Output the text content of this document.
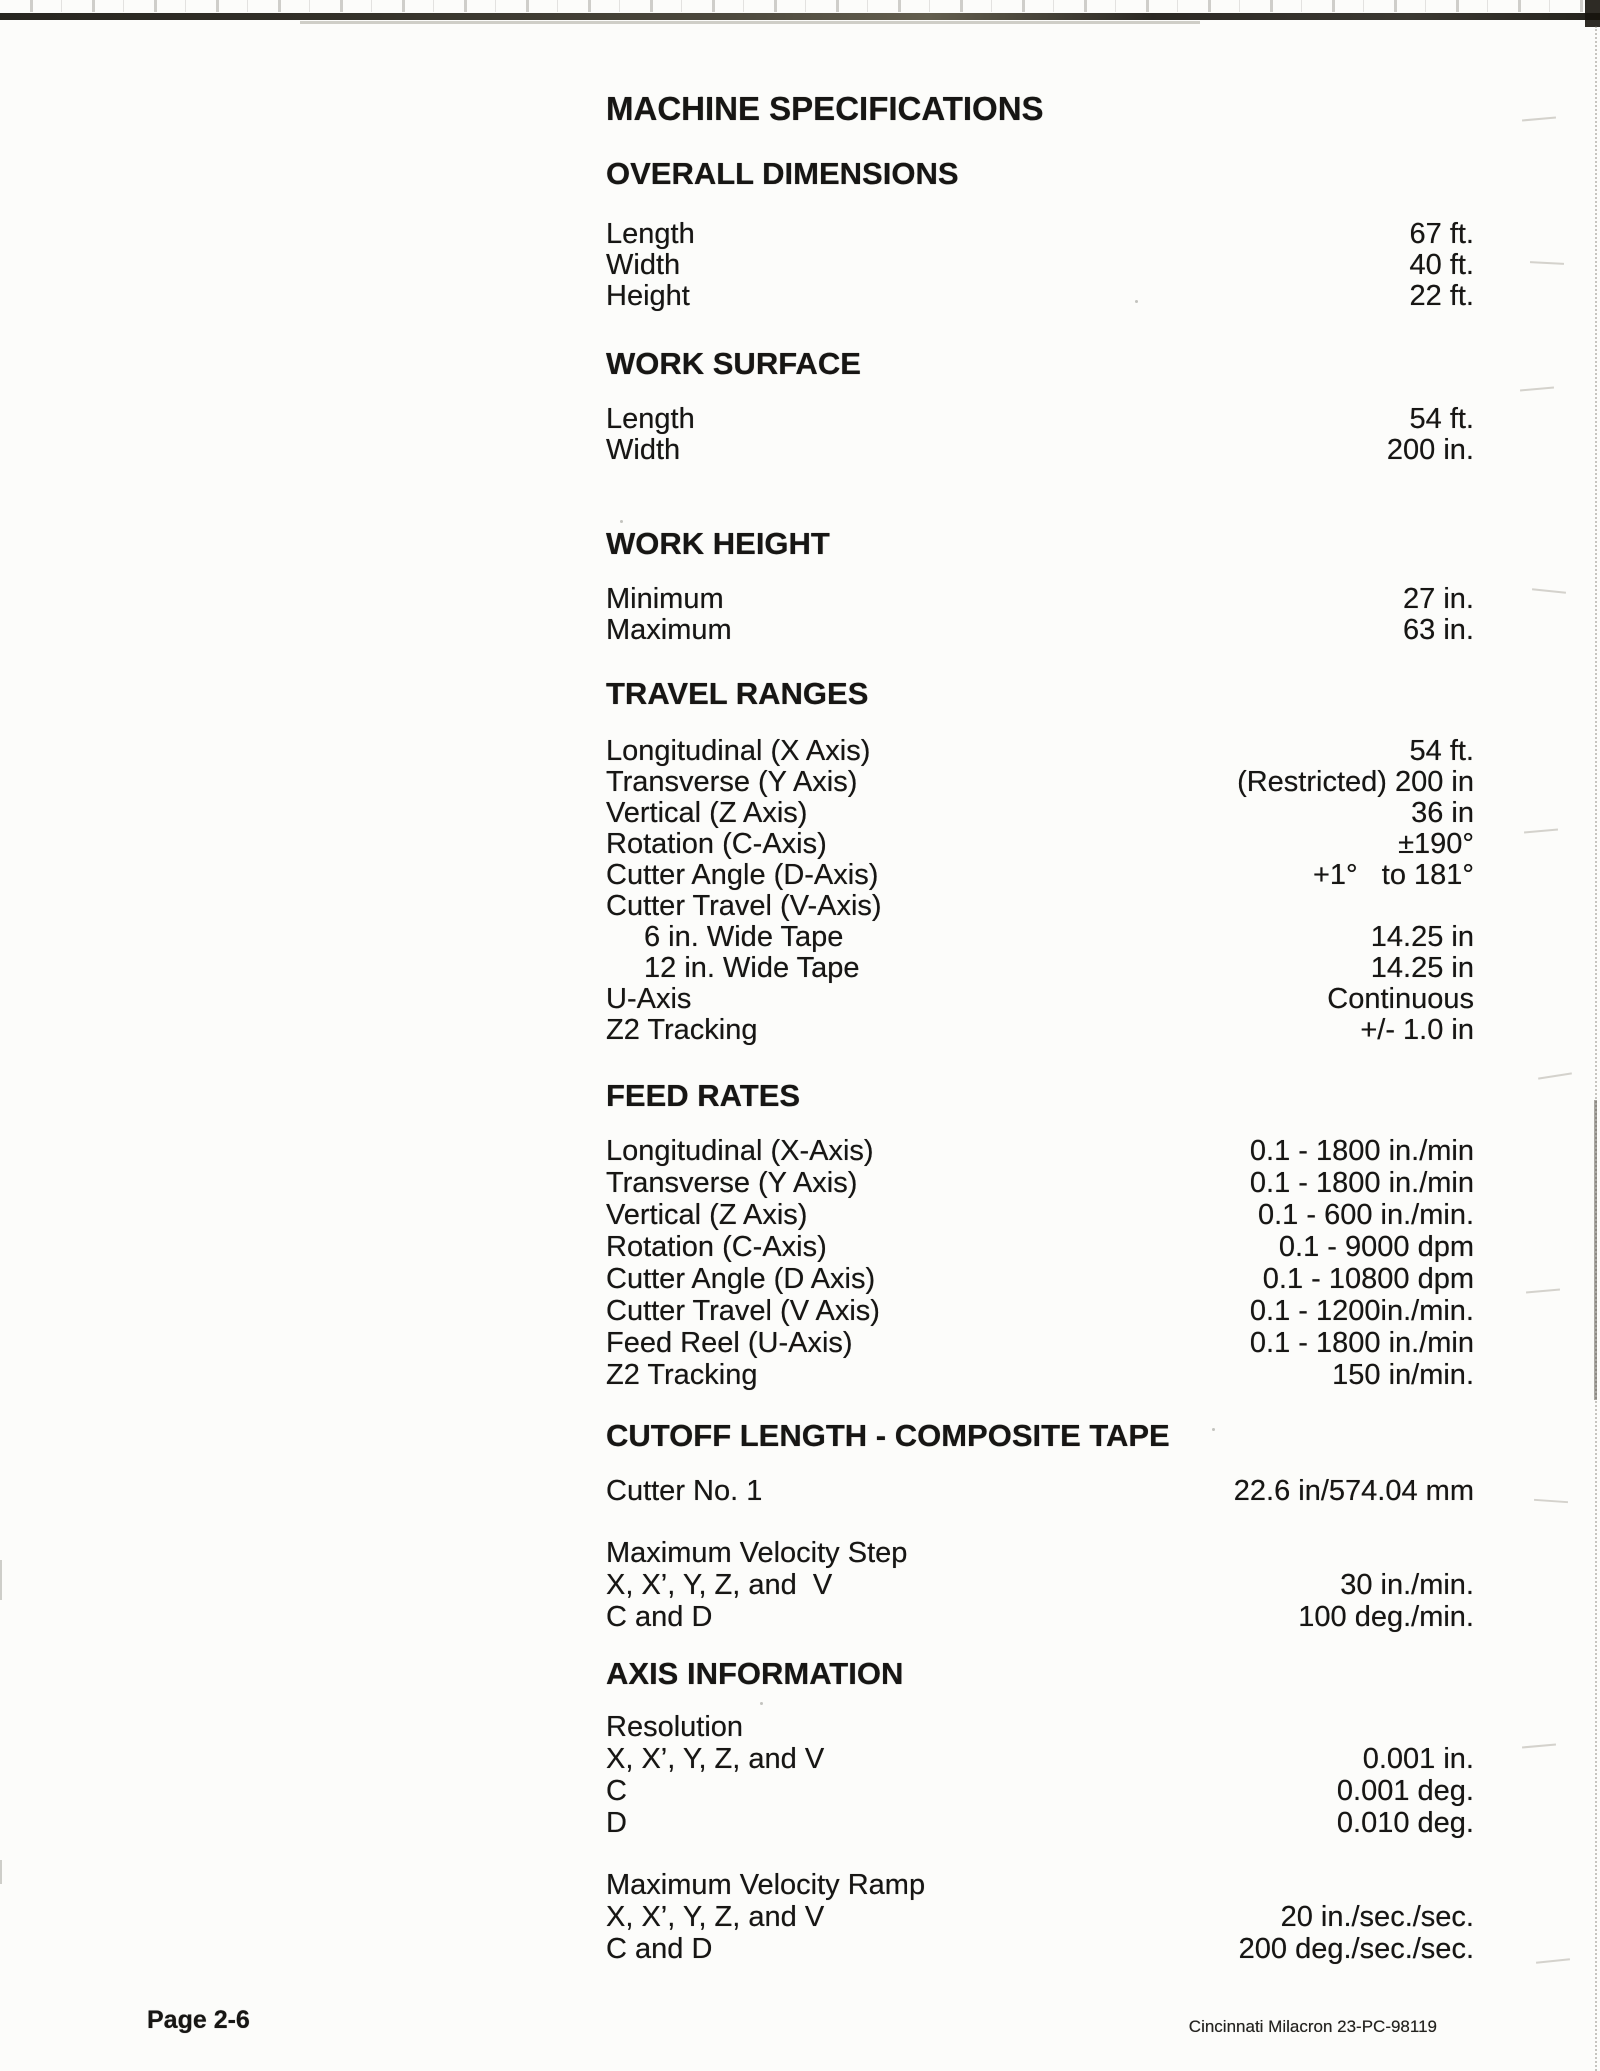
MACHINE SPECIFICATIONS
OVERALL DIMENSIONS
Length	67 ft.
Width	40 ft.
Height	22 ft.
WORK SURFACE
Length	54 ft.
Width	200 in.
WORK HEIGHT
Minimum	27 in.
Maximum	63 in.
TRAVEL RANGES
Longitudinal (X Axis)	54 ft.
Transverse (Y Axis)	(Restricted) 200 in
Vertical (Z Axis)	36 in
Rotation (C-Axis)	±190°
Cutter Angle (D-Axis)	+1°   to 181°
Cutter Travel (V-Axis)
6 in. Wide Tape	14.25 in
12 in. Wide Tape	14.25 in
U-Axis	Continuous
Z2 Tracking	+/- 1.0 in
FEED RATES
Longitudinal (X-Axis)	0.1 - 1800 in./min
Transverse (Y Axis)	0.1 - 1800 in./min
Vertical (Z Axis)	0.1 - 600 in./min.
Rotation (C-Axis)	0.1 - 9000 dpm
Cutter Angle (D Axis)	0.1 - 10800 dpm
Cutter Travel (V Axis)	0.1 - 1200in./min.
Feed Reel (U-Axis)	0.1 - 1800 in./min
Z2 Tracking	150 in/min.
CUTOFF LENGTH - COMPOSITE TAPE
Cutter No. 1	22.6 in/574.04 mm
Maximum Velocity Step
X, X’, Y, Z, and  V	30 in./min.
C and D	100 deg./min.
AXIS INFORMATION
Resolution
X, X’, Y, Z, and V	0.001 in.
C	0.001 deg.
D	0.010 deg.
Maximum Velocity Ramp
X, X’, Y, Z, and V	20 in./sec./sec.
C and D	200 deg./sec./sec.
Page 2-6	Cincinnati Milacron 23-PC-98119
